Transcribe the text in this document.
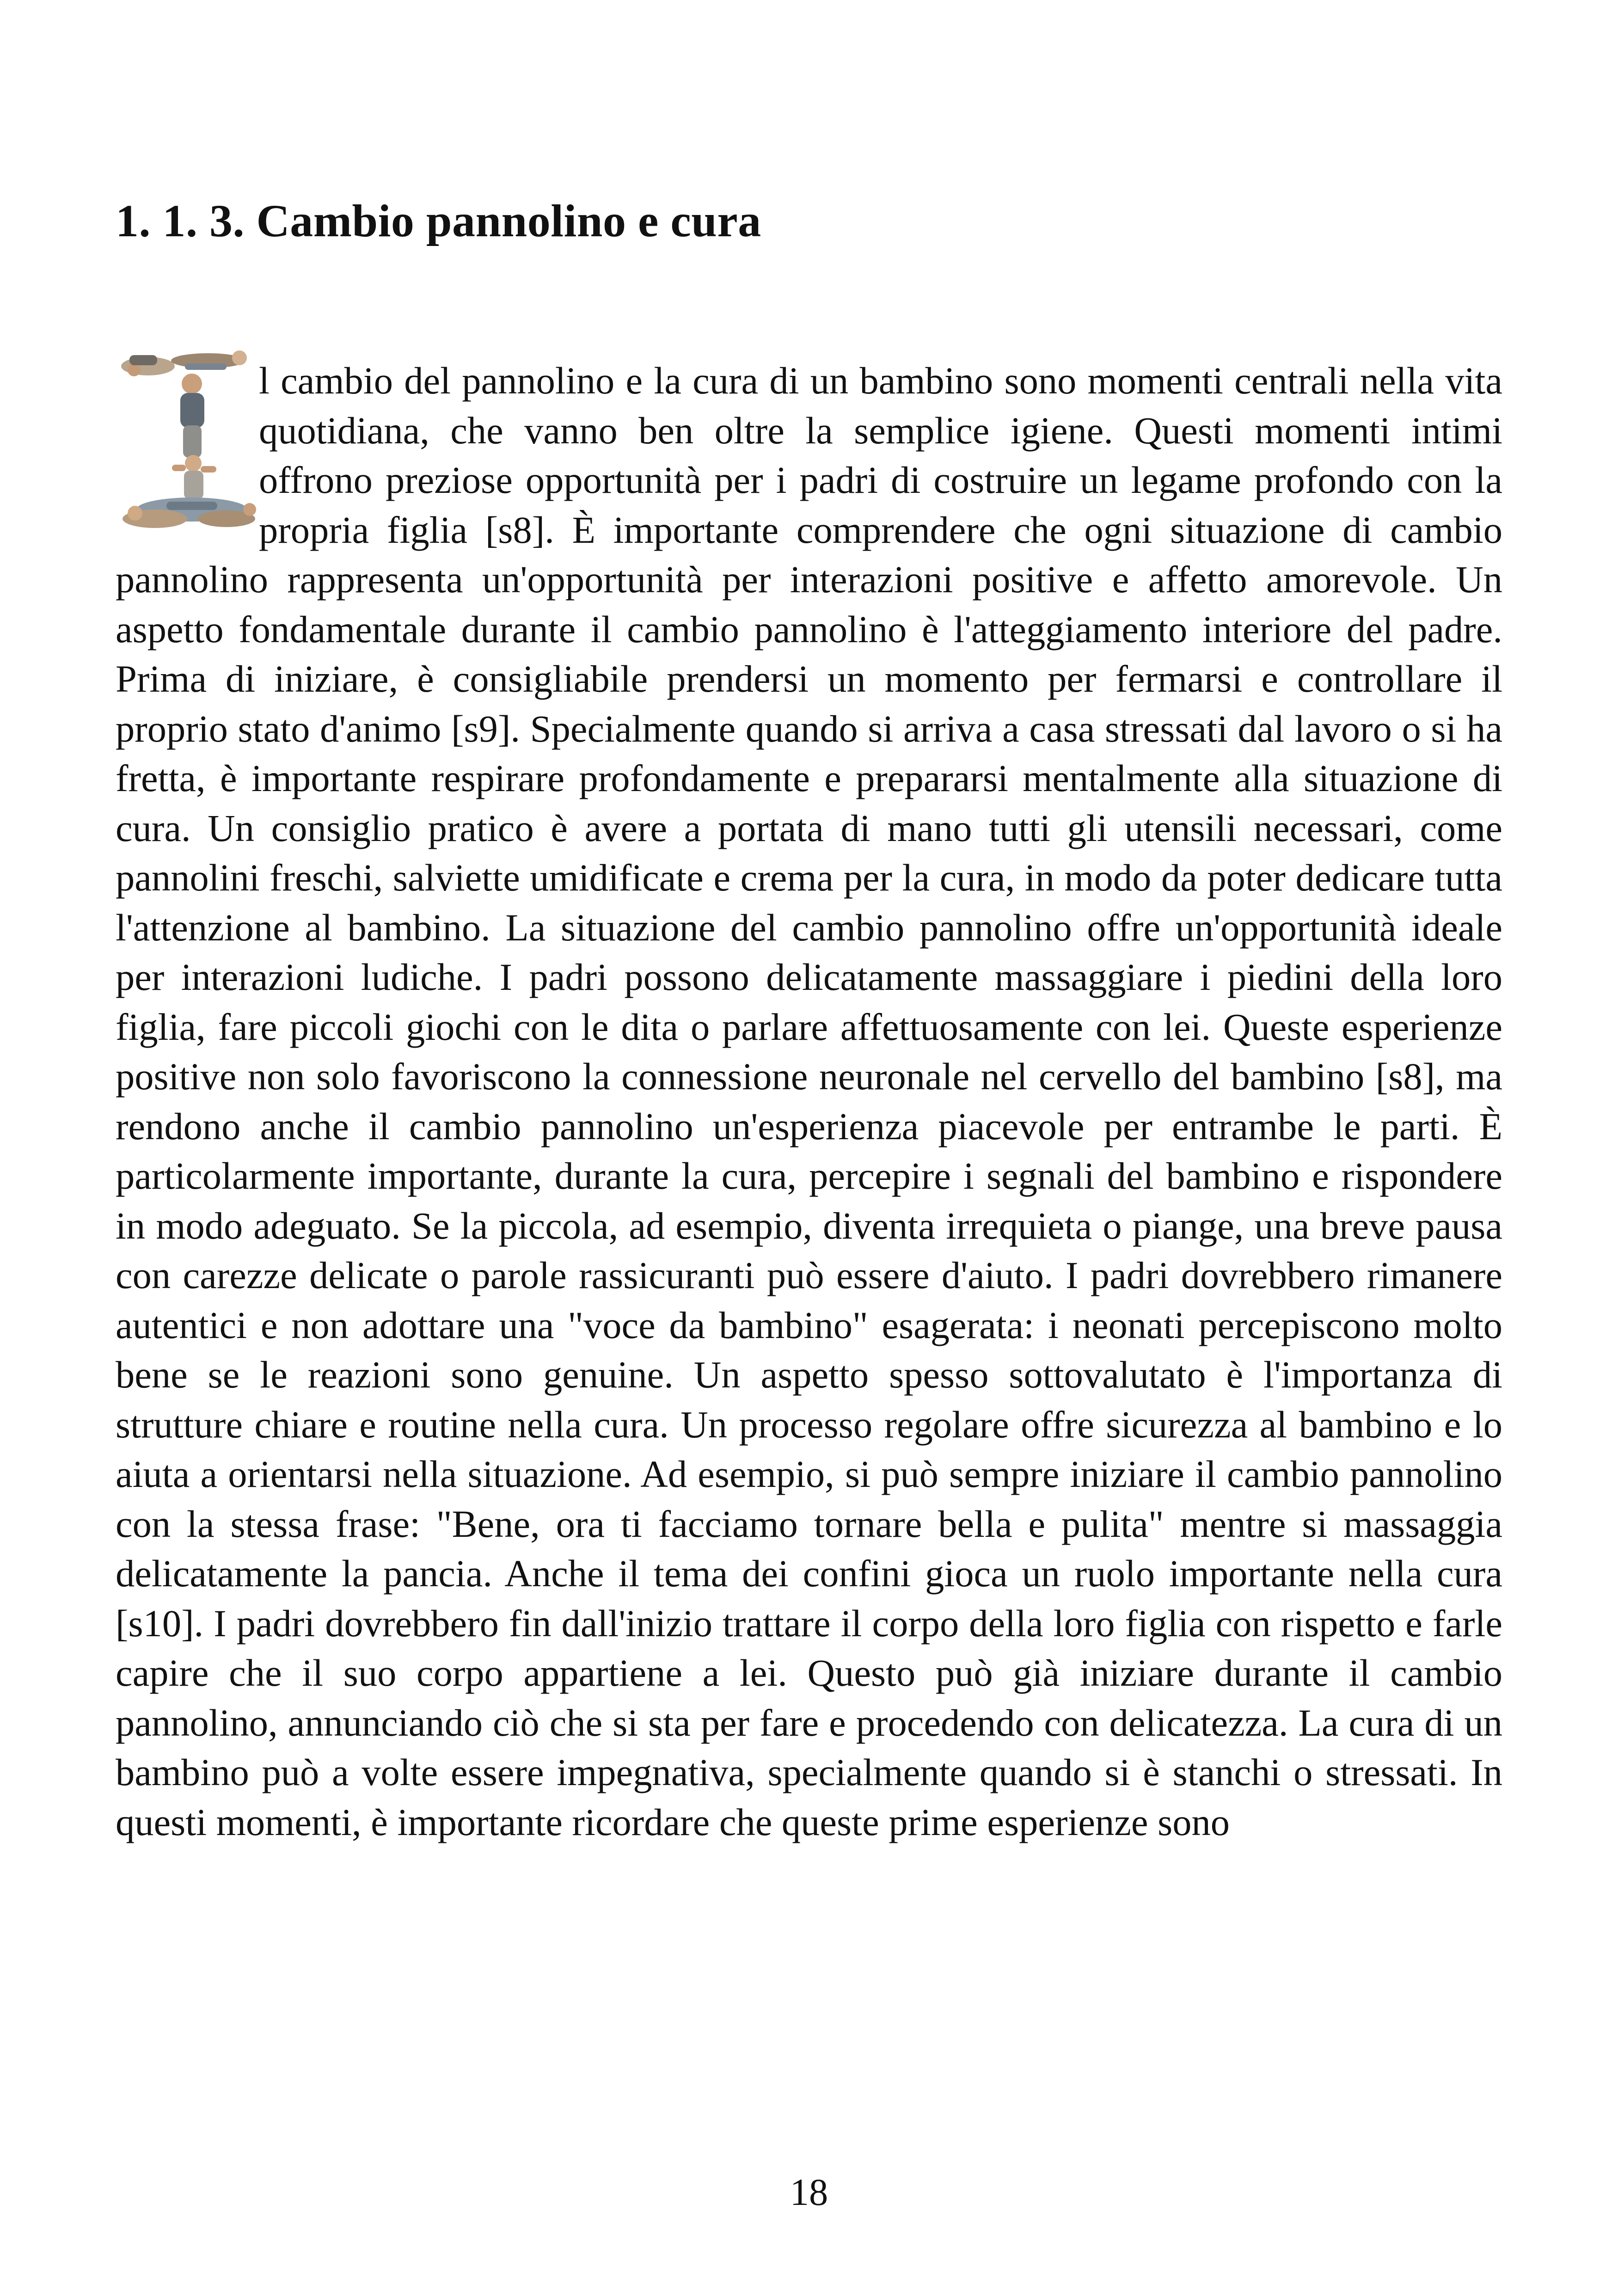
1. 1. 3. Cambio pannolino e cura
l cambio del pannolino e la cura di un bambino sono momenti centrali nella vita quotidiana, che vanno ben oltre la semplice igiene. Questi momenti intimi offrono preziose opportunità per i padri di costruire un legame profondo con la propria figlia [s8]. È importante comprendere che ogni situazione di cambio pannolino rappresenta un'opportunità per interazioni positive e affetto amorevole. Un aspetto fondamentale durante il cambio pannolino è l'atteggiamento interiore del padre. Prima di iniziare, è consigliabile prendersi un momento per fermarsi e controllare il proprio stato d'animo [s9]. Specialmente quando si arriva a casa stressati dal lavoro o si ha fretta, è importante respirare profondamente e prepararsi mentalmente alla situazione di cura. Un consiglio pratico è avere a portata di mano tutti gli utensili necessari, come pannolini freschi, salviette umidificate e crema per la cura, in modo da poter dedicare tutta l'attenzione al bambino. La situazione del cambio pannolino offre un'opportunità ideale per interazioni ludiche. I padri possono delicatamente massaggiare i piedini della loro figlia, fare piccoli giochi con le dita o parlare affettuosamente con lei. Queste esperienze positive non solo favoriscono la connessione neuronale nel cervello del bambino [s8], ma rendono anche il cambio pannolino un'esperienza piacevole per entrambe le parti. È particolarmente importante, durante la cura, percepire i segnali del bambino e rispondere in modo adeguato. Se la piccola, ad esempio, diventa irrequieta o piange, una breve pausa con carezze delicate o parole rassicuranti può essere d'aiuto. I padri dovrebbero rimanere autentici e non adottare una "voce da bambino" esagerata: i neonati percepiscono molto bene se le reazioni sono genuine. Un aspetto spesso sottovalutato è l'importanza di strutture chiare e routine nella cura. Un processo regolare offre sicurezza al bambino e lo aiuta a orientarsi nella situazione. Ad esempio, si può sempre iniziare il cambio pannolino con la stessa frase: "Bene, ora ti facciamo tornare bella e pulita" mentre si massaggia delicatamente la pancia. Anche il tema dei confini gioca un ruolo importante nella cura [s10]. I padri dovrebbero fin dall'inizio trattare il corpo della loro figlia con rispetto e farle capire che il suo corpo appartiene a lei. Questo può già iniziare durante il cambio pannolino, annunciando ciò che si sta per fare e procedendo con delicatezza. La cura di un bambino può a volte essere impegnativa, specialmente quando si è stanchi o stressati. In questi momenti, è importante ricordare che queste prime esperienze sono

18
